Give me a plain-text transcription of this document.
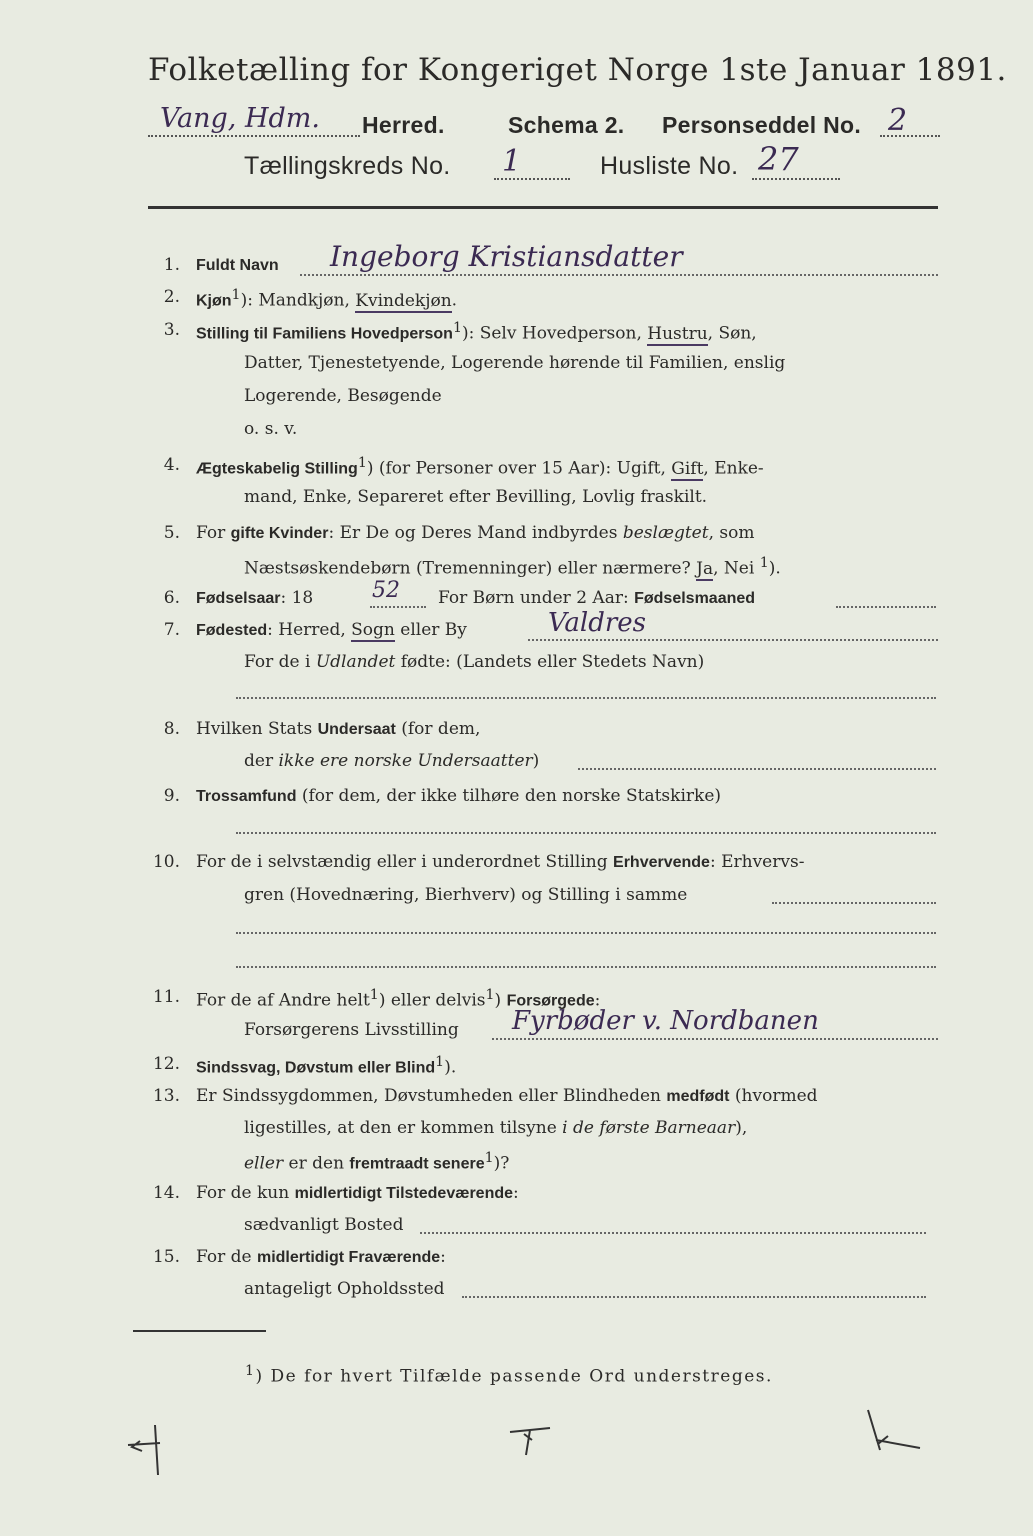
Folketælling for Kongeriget Norge 1ste Januar 1891.
Vang, Hdm. Herred.	Schema 2. Personseddel No. 2
Tællingskreds No. 1	Husliste No. 27
1. Fuldt Navn Ingeborg Kristiansdatter
2. Kjøn$^1$): Mandkjøn, Kvindekjøn.
3. Stilling til Familiens Hovedperson$^1$): Selv Hovedperson, Hustru, Søn,
Datter, Tjenestetyende, Logerende hørende til Familien, enslig
Logerende, Besøgende
o. s. v.
4. Ægteskabelig Stilling$^1$) (for Personer over 15 Aar): Ugift, Gift, Enke-
mand, Enke, Separeret efter Bevilling, Lovlig fraskilt.
5. For gifte Kvinder: Er De og Deres Mand indbyrdes beslægtet, som
Næstsøskendebørn (Tremenninger) eller nærmere? Ja, Nei $^1$).
6. Fødselsaar: 18	For Børn under 2 Aar: Fødselsmaaned
52
7. Fødested: Herred, Sogn eller By	Valdres
For de i Udlandet fødte: (Landets eller Stedets Navn)
8. Hvilken Stats Undersaat (for dem,
der ikke ere norske Undersaatter)
9. Trossamfund (for dem, der ikke tilhøre den norske Statskirke)
10. For de i selvstændig eller i underordnet Stilling Erhvervende: Erhvervs-
gren (Hovednæring, Bierhverv) og Stilling i samme
11. For de af Andre helt$^1$) eller delvis$^1$) Forsørgede:
Forsørgerens Livsstilling Fyrbøder v. Nordbanen
12. Sindssvag, Døvstum eller Blind$^1$).
13. Er Sindssygdommen, Døvstumheden eller Blindheden medfødt (hvormed
ligestilles, at den er kommen tilsyne i de første Barneaar),
eller er den fremtraadt senere$^1$)?
14. For de kun midlertidigt Tilstedeværende:
sædvanligt Bosted
15. For de midlertidigt Fraværende:
antageligt Opholdssted
$^1$) De for hvert Tilfælde passende Ord understreges.
